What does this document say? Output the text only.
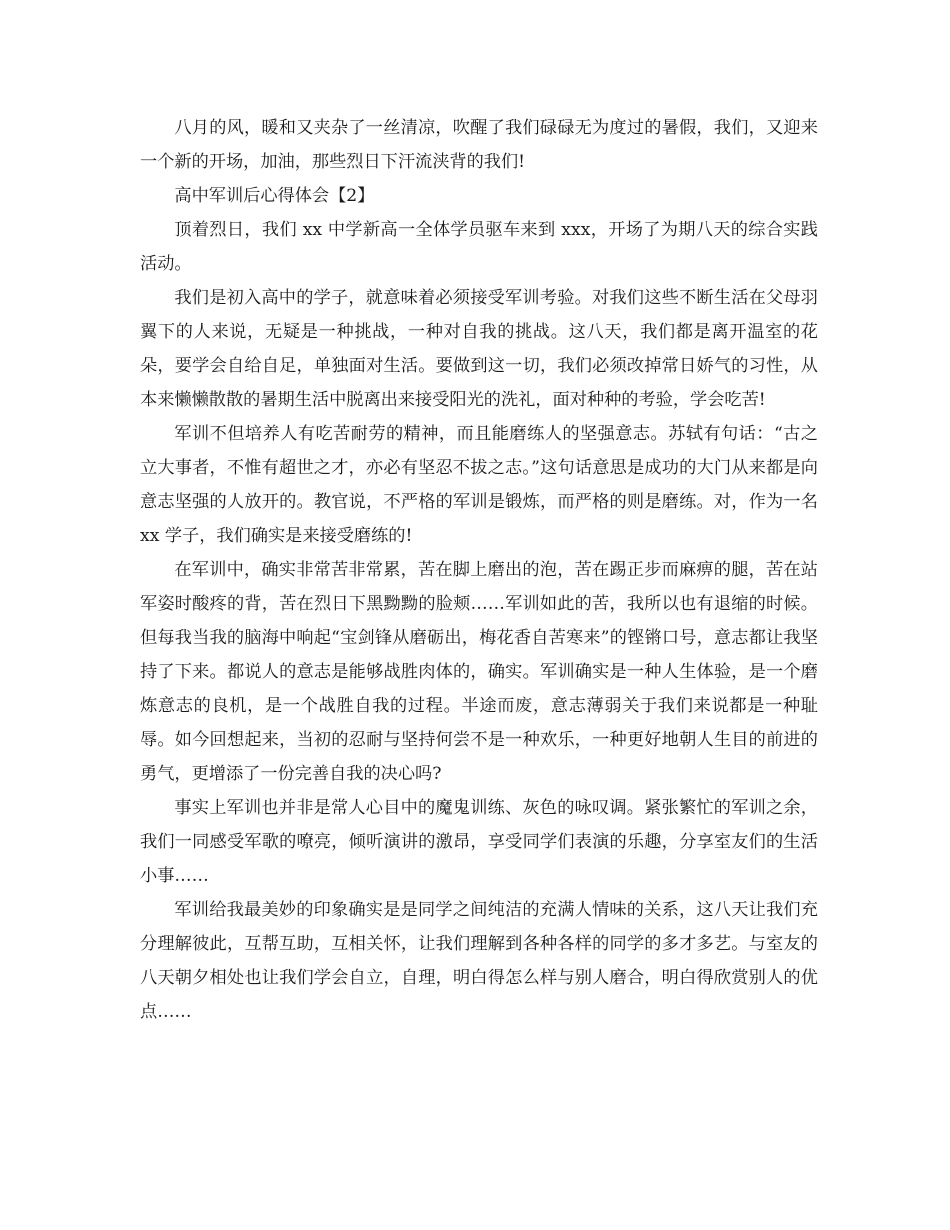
八月的风，暖和又夹杂了一丝清凉，吹醒了我们碌碌无为度过的暑假，我们，又迎来一个新的开场，加油，那些烈日下汗流浃背的我们!

高中军训后心得体会【2】

顶着烈日，我们 xx 中学新高一全体学员驱车来到 xxx，开场了为期八天的综合实践活动。

我们是初入高中的学子，就意味着必须接受军训考验。对我们这些不断生活在父母羽翼下的人来说，无疑是一种挑战，一种对自我的挑战。这八天，我们都是离开温室的花朵，要学会自给自足，单独面对生活。要做到这一切，我们必须改掉常日娇气的习性，从本来懒懒散散的暑期生活中脱离出来接受阳光的洗礼，面对种种的考验，学会吃苦!

军训不但培养人有吃苦耐劳的精神，而且能磨练人的坚强意志。苏轼有句话：“古之立大事者，不惟有超世之才，亦必有坚忍不拔之志。”这句话意思是成功的大门从来都是向意志坚强的人放开的。教官说，不严格的军训是锻炼，而严格的则是磨练。对，作为一名 xx 学子，我们确实是来接受磨练的!

在军训中，确实非常苦非常累，苦在脚上磨出的泡，苦在踢正步而麻痹的腿，苦在站军姿时酸疼的背，苦在烈日下黑黝黝的脸颊……军训如此的苦，我所以也有退缩的时候。但每我当我的脑海中响起“宝剑锋从磨砺出，梅花香自苦寒来”的铿锵口号，意志都让我坚持了下来。都说人的意志是能够战胜肉体的，确实。军训确实是一种人生体验，是一个磨炼意志的良机，是一个战胜自我的过程。半途而废，意志薄弱关于我们来说都是一种耻辱。如今回想起来，当初的忍耐与坚持何尝不是一种欢乐，一种更好地朝人生目的前进的勇气，更增添了一份完善自我的决心吗?

事实上军训也并非是常人心目中的魔鬼训练、灰色的咏叹调。紧张繁忙的军训之余，我们一同感受军歌的嘹亮，倾听演讲的激昂，享受同学们表演的乐趣，分享室友们的生活小事……

军训给我最美妙的印象确实是是同学之间纯洁的充满人情味的关系，这八天让我们充分理解彼此，互帮互助，互相关怀，让我们理解到各种各样的同学的多才多艺。与室友的八天朝夕相处也让我们学会自立，自理，明白得怎么样与别人磨合，明白得欣赏别人的优点……
